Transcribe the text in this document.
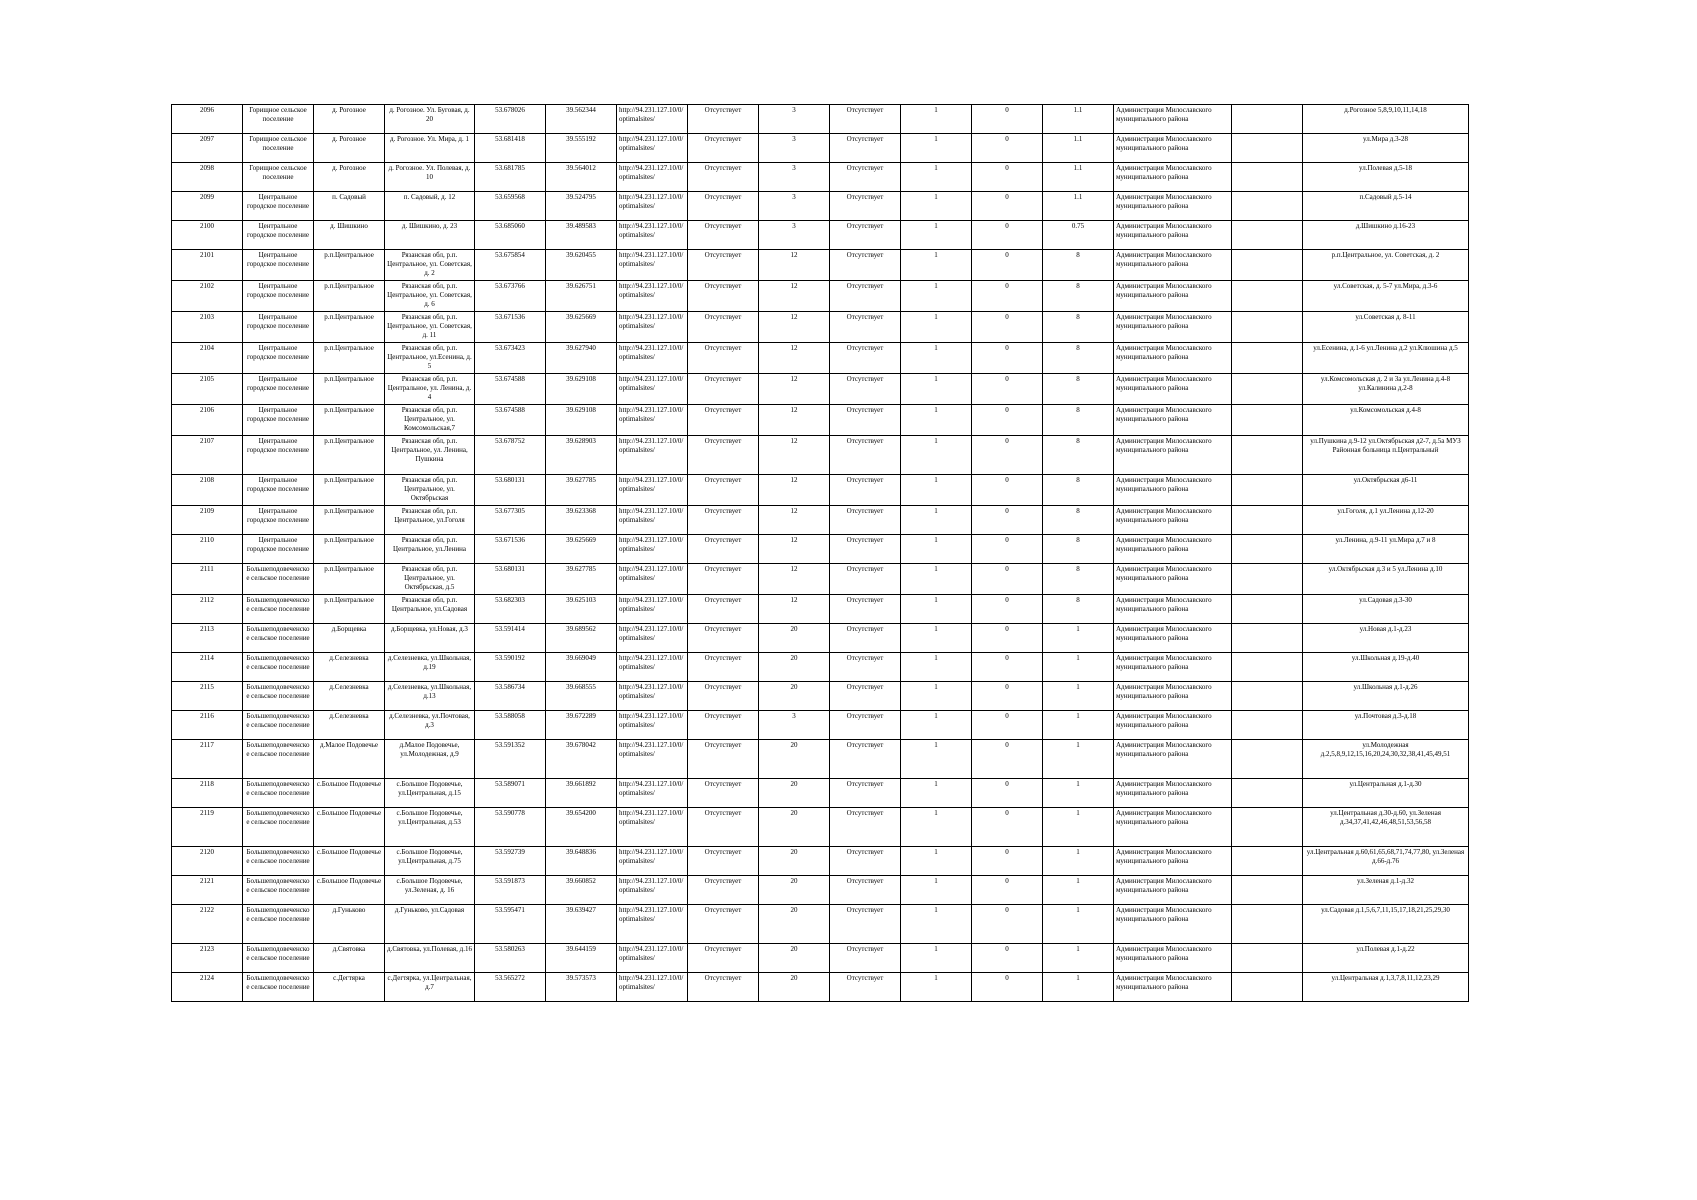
2096	Горищное сельское поселение	д. Рогозное	д. Рогозное. Ул. Буговая, д. 20	53.678026	39.562344	http://94.231.127.10/0/optimalsites/	Отсутствует	3	Отсутствует	1	0	1.1	Администрация Милославского муниципального района		д.Рогозное 5,8,9,10,11,14,18
2097	Горищное сельское поселение	д. Рогозное	д. Рогозное. Ул. Мира, д. 1	53.681418	39.555192	http://94.231.127.10/0/optimalsites/	Отсутствует	3	Отсутствует	1	0	1.1	Администрация Милославского муниципального района		ул.Мира д.3-28
2098	Горищное сельское поселение	д. Рогозное	д. Рогозное. Ул. Полевая, д. 10	53.681785	39.564012	http://94.231.127.10/0/optimalsites/	Отсутствует	3	Отсутствует	1	0	1.1	Администрация Милославского муниципального района		ул.Полевая д.5-18
2099	Центральное городское поселение	п. Садовый	п. Садовый, д. 12	53.659568	39.524795	http://94.231.127.10/0/optimalsites/	Отсутствует	3	Отсутствует	1	0	1.1	Администрация Милославского муниципального района		п.Садовый д.5-14
2100	Центральное городское поселение	д. Шишкино	д. Шишкино, д. 23	53.685060	39.489583	http://94.231.127.10/0/optimalsites/	Отсутствует	3	Отсутствует	1	0	0.75	Администрация Милославского муниципального района		д.Шишкино д.16-23
2101	Центральное городское поселение	р.п.Центральное	Рязанская обл, р.п. Центральное, ул. Советская, д. 2	53.675854	39.620455	http://94.231.127.10/0/optimalsites/	Отсутствует	12	Отсутствует	1	0	8	Администрация Милославского муниципального района		р.п.Центральное, ул. Советская, д. 2
2102	Центральное городское поселение	р.п.Центральное	Рязанская обл, р.п. Центральное, ул. Советская, д. 6	53.673766	39.626751	http://94.231.127.10/0/optimalsites/	Отсутствует	12	Отсутствует	1	0	8	Администрация Милославского муниципального района		ул.Советская, д. 5-7 ул.Мира, д.3-6
2103	Центральное городское поселение	р.п.Центральное	Рязанская обл, р.п. Центральное, ул. Советская, д. 11	53.671536	39.625669	http://94.231.127.10/0/optimalsites/	Отсутствует	12	Отсутствует	1	0	8	Администрация Милославского муниципального района		ул.Советская д. 8-11
2104	Центральное городское поселение	р.п.Центральное	Рязанская обл, р.п. Центральное, ул.Есенина, д. 5	53.673423	39.627940	http://94.231.127.10/0/optimalsites/	Отсутствует	12	Отсутствует	1	0	8	Администрация Милославского муниципального района		ул.Есенина, д.1-6 ул.Ленина д.2 ул.Клюшина д.5
2105	Центральное городское поселение	р.п.Центральное	Рязанская обл, р.п. Центральное, ул. Ленина, д. 4	53.674588	39.629108	http://94.231.127.10/0/optimalsites/	Отсутствует	12	Отсутствует	1	0	8	Администрация Милославского муниципального района		ул.Комсомольская д. 2 и 3а ул.Ленина д.4-8 ул.Калинина д.2-8
2106	Центральное городское поселение	р.п.Центральное	Рязанская обл, р.п. Центральное, ул. Комсомольская,7	53.674588	39.629108	http://94.231.127.10/0/optimalsites/	Отсутствует	12	Отсутствует	1	0	8	Администрация Милославского муниципального района		ул.Комсомольская д.4-8
2107	Центральное городское поселение	р.п.Центральное	Рязанская обл, р.п. Центральное, ул. Ленина, Пушкина	53.678752	39.628903	http://94.231.127.10/0/optimalsites/	Отсутствует	12	Отсутствует	1	0	8	Администрация Милославского муниципального района		ул.Пушкина д.9-12 ул.Октябрьская д2-7, д.5а МУЗ Районная больница п.Центральный
2108	Центральное городское поселение	р.п.Центральное	Рязанская обл, р.п. Центральное, ул. Октябрьская	53.680131	39.627785	http://94.231.127.10/0/optimalsites/	Отсутствует	12	Отсутствует	1	0	8	Администрация Милославского муниципального района		ул.Октябрьская д6-11
2109	Центральное городское поселение	р.п.Центральное	Рязанская обл, р.п. Центральное, ул.Гоголя	53.677305	39.623368	http://94.231.127.10/0/optimalsites/	Отсутствует	12	Отсутствует	1	0	8	Администрация Милославского муниципального района		ул.Гоголя, д.1 ул.Ленина д.12-20
2110	Центральное городское поселение	р.п.Центральное	Рязанская обл, р.п. Центральное, ул.Ленина	53.671536	39.625669	http://94.231.127.10/0/optimalsites/	Отсутствует	12	Отсутствует	1	0	8	Администрация Милославского муниципального района		ул.Ленина, д.9-11 ул.Мира д.7 и 8
2111	Большеподовеченское сельское поселение	р.п.Центральное	Рязанская обл, р.п. Центральное, ул. Октябрьская, д.5	53.680131	39.627785	http://94.231.127.10/0/optimalsites/	Отсутствует	12	Отсутствует	1	0	8	Администрация Милославского муниципального района		ул.Октябрьская д.3 и 5 ул.Ленина д.10
2112	Большеподовеченское сельское поселение	р.п.Центральное	Рязанская обл, р.п. Центральное, ул.Садовая	53.682303	39.625103	http://94.231.127.10/0/optimalsites/	Отсутствует	12	Отсутствует	1	0	8	Администрация Милославского муниципального района		ул.Садовая д.3-30
2113	Большеподовеченское сельское поселение	д.Борщевка	д.Борщевка, ул.Новая, д.3	53.591414	39.689562	http://94.231.127.10/0/optimalsites/	Отсутствует	20	Отсутствует	1	0	1	Администрация Милославского муниципального района		ул.Новая д.1-д.23
2114	Большеподовеченское сельское поселение	д.Селезневка	д.Селезневка, ул.Школьная, д.19	53.590192	39.669049	http://94.231.127.10/0/optimalsites/	Отсутствует	20	Отсутствует	1	0	1	Администрация Милославского муниципального района		ул.Школьная д.19-д.40
2115	Большеподовеченское сельское поселение	д.Селезневка	д.Селезневка, ул.Школьная, д.13	53.586734	39.668555	http://94.231.127.10/0/optimalsites/	Отсутствует	20	Отсутствует	1	0	1	Администрация Милославского муниципального района		ул.Школьная д.1-д.26
2116	Большеподовеченское сельское поселение	д.Селезневка	д.Селезневка, ул.Почтовая, д.3	53.588058	39.672289	http://94.231.127.10/0/optimalsites/	Отсутствует	3	Отсутствует	1	0	1	Администрация Милославского муниципального района		ул.Почтовая д.3-д.18
2117	Большеподовеченское сельское поселение	д.Малое Подовечье	д.Малое Подовечье, ул.Молодежная, д.9	53.591352	39.678042	http://94.231.127.10/0/optimalsites/	Отсутствует	20	Отсутствует	1	0	1	Администрация Милославского муниципального района		ул.Молодежная д.2,5,8,9,12,15,16,20,24,30,32,38,41,45,49,51
2118	Большеподовеченское сельское поселение	с.Большое Подовечье	с.Большое Подовечье, ул.Центральная, д.15	53.589071	39.661892	http://94.231.127.10/0/optimalsites/	Отсутствует	20	Отсутствует	1	0	1	Администрация Милославского муниципального района		ул.Центральная д.1-д.30
2119	Большеподовеченское сельское поселение	с.Большое Подовечье	с.Большое Подовечье, ул.Центральная, д.53	53.590778	39.654200	http://94.231.127.10/0/optimalsites/	Отсутствует	20	Отсутствует	1	0	1	Администрация Милославского муниципального района		ул.Центральная д.30-д.60, ул.Зеленая д.34,37,41,42,46,48,51,53,56,58
2120	Большеподовеченское сельское поселение	с.Большое Подовечье	с.Большое Подовечье, ул.Центральная, д.75	53.592739	39.648836	http://94.231.127.10/0/optimalsites/	Отсутствует	20	Отсутствует	1	0	1	Администрация Милославского муниципального района		ул.Центральная д.60,61,65,68,71,74,77,80, ул.Зеленая д.66-д.76
2121	Большеподовеченское сельское поселение	с.Большое Подовечье	с.Большое Подовечье, ул.Зеленая, д. 16	53.591873	39.660852	http://94.231.127.10/0/optimalsites/	Отсутствует	20	Отсутствует	1	0	1	Администрация Милославского муниципального района		ул.Зеленая д.1-д.32
2122	Большеподовеченское сельское поселение	д.Гуньково	д.Гуньково, ул.Садовая	53.595471	39.639427	http://94.231.127.10/0/optimalsites/	Отсутствует	20	Отсутствует	1	0	1	Администрация Милославского муниципального района		ул.Садовая д.1,5,6,7,11,15,17,18,21,25,29,30
2123	Большеподовеченское сельское поселение	д.Святовка	д.Святовка, ул.Полевая, д.16	53.580263	39.644159	http://94.231.127.10/0/optimalsites/	Отсутствует	20	Отсутствует	1	0	1	Администрация Милославского муниципального района		ул.Полевая д.1-д.22
2124	Большеподовеченское сельское поселение	с.Дегтярка	с.Дегтярка, ул.Центральная, д.7	53.565272	39.573573	http://94.231.127.10/0/optimalsites/	Отсутствует	20	Отсутствует	1	0	1	Администрация Милославского муниципального района		ул.Центральная д.1,3,7,8,11,12,23,29
